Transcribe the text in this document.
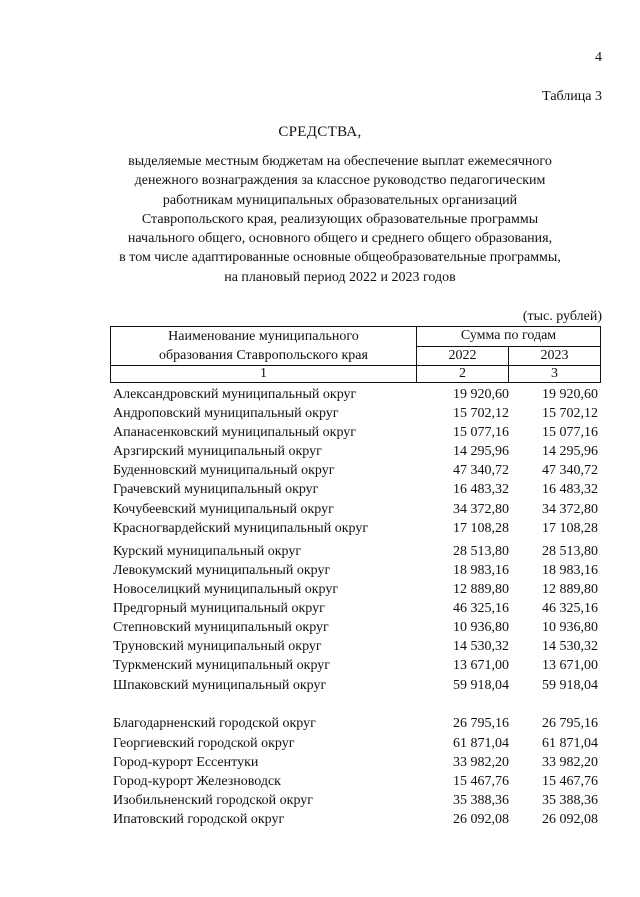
4
Таблица 3
СРЕДСТВА,
выделяемые местным бюджетам на обеспечение выплат ежемесячного
денежного вознаграждения за классное руководство педагогическим
работникам муниципальных образовательных организаций
Ставропольского края, реализующих образовательные программы
начального общего, основного общего и среднего общего образования,
в том числе адаптированные основные общеобразовательные программы,
на плановый период 2022 и 2023 годов
(тыс. рублей)
Наименование муниципального
образования Ставропольского края	Сумма по годам	
	2022	2023
1	2	3
Александровский муниципальный округ	19 920,60 19 920,60
Андроповский муниципальный округ	15 702,12 15 702,12
Апанасенковский муниципальный округ	15 077,16 15 077,16
Арзгирский муниципальный округ	14 295,96 14 295,96
Буденновский муниципальный округ	47 340,72 47 340,72
Грачевский муниципальный округ	16 483,32 16 483,32
Кочубеевский муниципальный округ	34 372,80 34 372,80
Красногвардейский муниципальный округ	17 108,28 17 108,28
Курский муниципальный округ	28 513,80 28 513,80
Левокумский муниципальный округ	18 983,16 18 983,16
Новоселицкий муниципальный округ	12 889,80 12 889,80
Предгорный муниципальный округ	46 325,16 46 325,16
Степновский муниципальный округ	10 936,80 10 936,80
Труновский муниципальный округ	14 530,32 14 530,32
Туркменский муниципальный округ	13 671,00 13 671,00
Шпаковский муниципальный округ	59 918,04 59 918,04
Благодарненский городской округ	26 795,16 26 795,16
Георгиевский городской округ	61 871,04 61 871,04
Город-курорт Ессентуки	33 982,20 33 982,20
Город-курорт Железноводск	15 467,76 15 467,76
Изобильненский городской округ	35 388,36 35 388,36
Ипатовский городской округ	26 092,08 26 092,08
